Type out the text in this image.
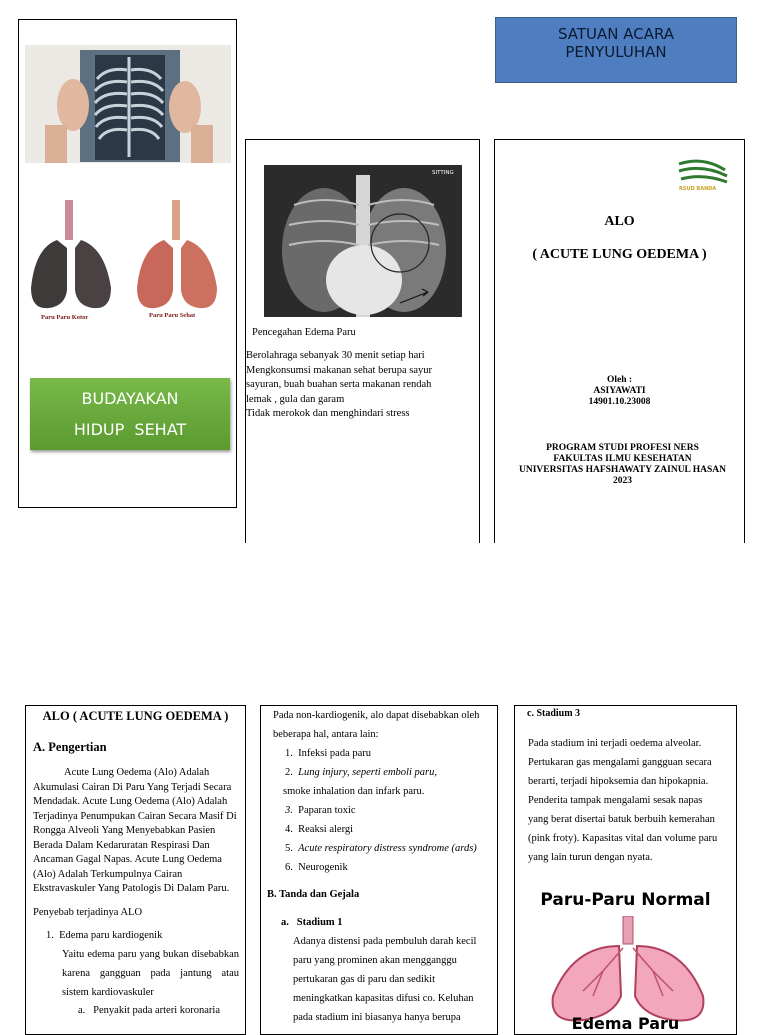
SATUAN ACARA
PENYULUHAN
Paru Paru Kotor	Paru Paru Sehat
BUDAYAKAN
HIDUP  SEHAT
SITTING
Pencegahan Edema Paru
Berolahraga sebanyak 30 menit setiap hari
Mengkonsumsi makanan sehat berupa sayur
sayuran, buah buahan serta makanan rendah
lemak , gula dan garam
Tidak merokok dan menghindari stress
RSUD BANDA
ALO
( ACUTE LUNG OEDEMA )
Oleh :
ASIYAWATI
14901.10.23008
PROGRAM STUDI PROFESI NERS
FAKULTAS ILMU KESEHATAN
UNIVERSITAS HAFSHAWATY ZAINUL HASAN
2023
ALO ( ACUTE LUNG OEDEMA )
A. Pengertian
Acute Lung Oedema (Alo) Adalah Akumulasi Cairan Di Paru Yang Terjadi Secara Mendadak. Acute Lung Oedema (Alo) Adalah Terjadinya Penumpukan Cairan Secara Masif Di Rongga Alveoli Yang Menyebabkan Pasien Berada Dalam Kedaruratan Respirasi Dan Ancaman Gagal Napas. Acute Lung Oedema (Alo) Adalah Terkumpulnya Cairan Ekstravaskuler Yang Patologis Di Dalam Paru.
Penyebab terjadinya ALO
1.  Edema paru kardiogenik
Yaitu edema paru yang bukan disebabkan karena gangguan pada jantung atau sistem kardiovaskuler
a.   Penyakit pada arteri koronaria
Pada non-kardiogenik, alo dapat disebabkan oleh beberapa hal, antara lain:
1. Infeksi pada paru
2. Lung injury, seperti emboli paru,
smoke inhalation dan infark paru.
3. Paparan toxic
4. Reaksi alergi
5. Acute respiratory distress syndrome (ards)
6. Neurogenik
B. Tanda dan Gejala
a.   Stadium 1
Adanya distensi pada pembuluh darah kecil
paru yang prominen akan mengganggu
pertukaran gas di paru dan sedikit
meningkatkan kapasitas difusi co. Keluhan
pada stadium ini biasanya hanya berupa
c. Stadium 3
Pada stadium ini terjadi oedema alveolar.
Pertukaran gas mengalami gangguan secara
berarti, terjadi hipoksemia dan hipokapnia.
Penderita tampak mengalami sesak napas
yang berat disertai batuk berbuih kemerahan
(pink froty). Kapasitas vital dan volume paru
yang lain turun dengan nyata.
Paru-Paru Normal
Edema Paru
